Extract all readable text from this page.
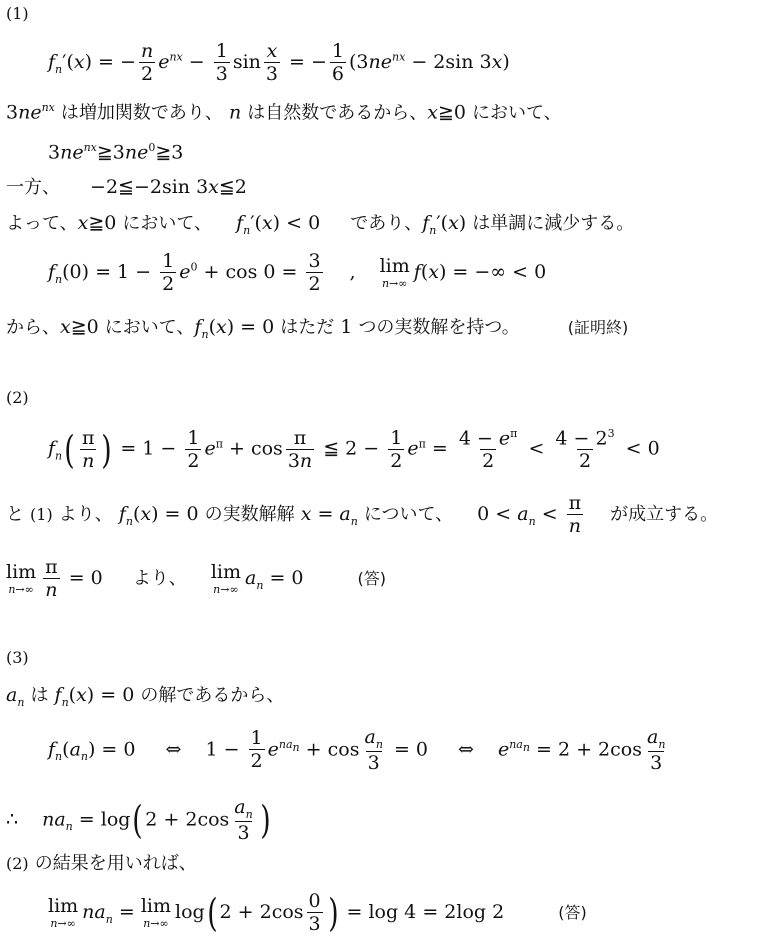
(1)
$f_n'(x)$ = − $\frac{n}{2} e^{nx} - \frac{1}{3}$ $\sin \frac{x}{3}$ = − $\frac{1}{6} (3ne^{nx} - 2\sin$ 3x)
$3ne^{nx}$ は増加関数であり、 n は自然数であるから、x≧0 において、
$3ne^{nx}≧3ne^0≧3$
一方、 −2≦−2sin 3x≦2
よって、x≧0 において、 $f_n'(x) < 0$ であり、$f_n'(x)$ は単調に減少する。
$f_n(0) = 1 - \frac{1}{2} e^0 + \cos 0 = \frac{3}{2}$ , lim
n→∞
f(x) = −∞ < 0
から、x≧0 において、$f_n(x) = 0$ はただ 1 つの実数解を持つ。	(証明終)
(2)
$f_n( \frac{\pi}{n}$ ) = $1 - \frac{1}{2} e^\pi + \cos \frac{\pi}{3n}$ ≦ $2 - \frac{1}{2} e^\pi = \frac{4 - e^\pi}{2} < \frac{4 - 2^3}{2} < 0$
と (1) より、 $f_n(x) = 0$ の実数解解 $x = a_n$ について、 $0 < a_n < \frac{\pi}{n}$ が成立する。
lim
$n\to\infty \frac{\pi}{n} = 0$ より、 lim
n→∞
$a_n = 0$	(答)
(3)
$a_n$ は $f_n(x) = 0$ の解であるから、
$f_n(a_n) = 0$ ⇔ $1 - \frac{1}{2} e^{na_n} + \cos \frac{a_n}{3} = 0$ ⇔ $e^{na_n} = 2 + 2\cos \frac{a_n}{3}$
∴ $na_n = \log$( $2 + 2\cos \frac{a_n}{3}$ )
(2) の結果を用いれば、
lim
n→∞
$na_n = \lim$
n→∞
log( $2 + 2\cos \frac{0}{3}$ ) = log 4 = 2log 2	(答)
